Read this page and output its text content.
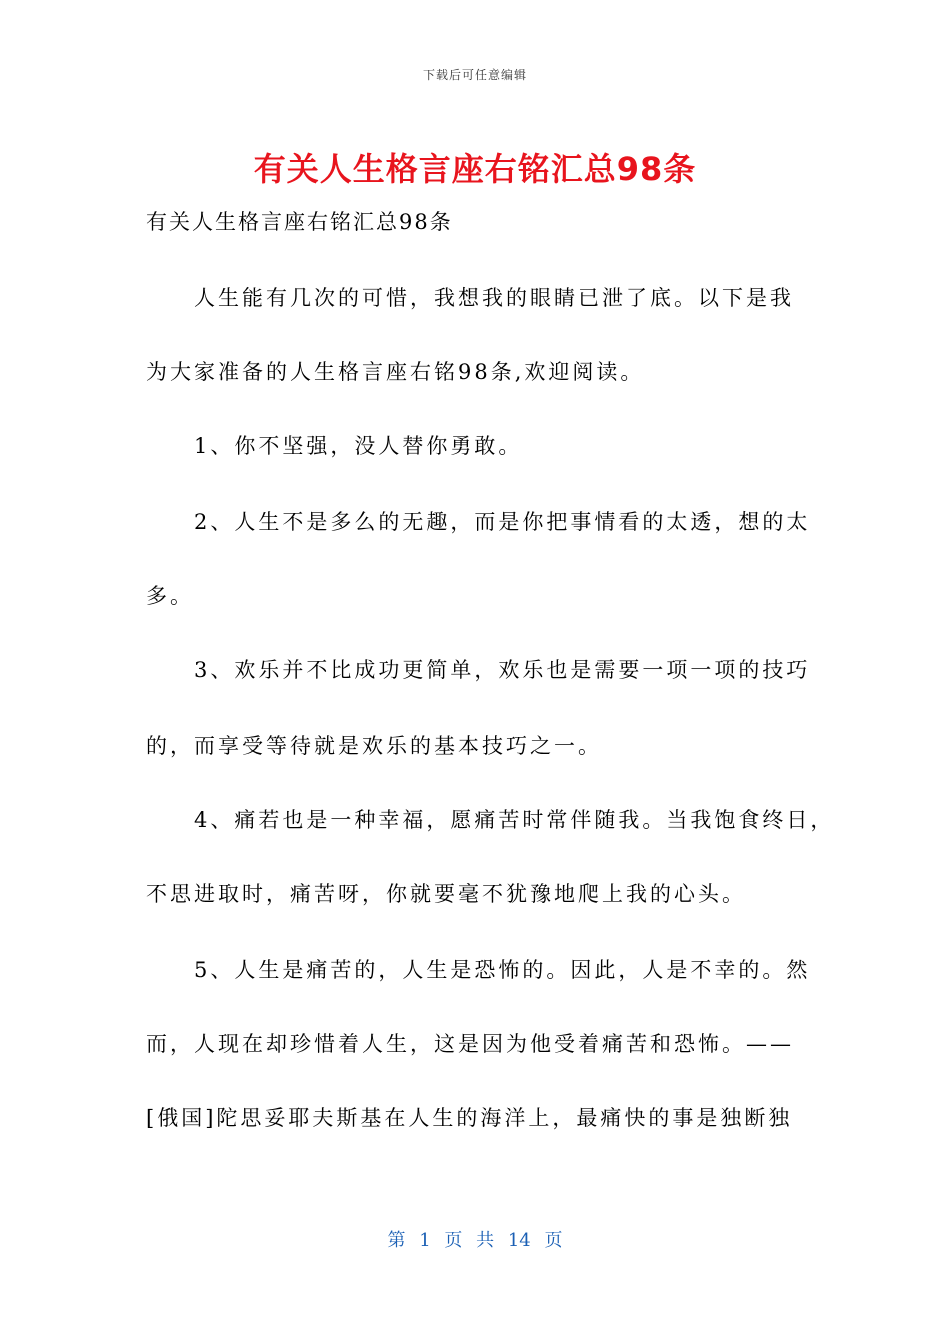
下载后可任意编辑
有关人生格言座右铭汇总98条
有关人生格言座右铭汇总98条
　　人生能有几次的可惜，我想我的眼睛已泄了底。以下是我
为大家准备的人生格言座右铭98条,欢迎阅读。
　　1、你不坚强，没人替你勇敢。
　　2、人生不是多么的无趣，而是你把事情看的太透，想的太
多。
　　3、欢乐并不比成功更简单，欢乐也是需要一项一项的技巧
的，而享受等待就是欢乐的基本技巧之一。
　　4、痛若也是一种幸福，愿痛苦时常伴随我。当我饱食终日，
不思进取时，痛苦呀，你就要毫不犹豫地爬上我的心头。
　　5、人生是痛苦的，人生是恐怖的。因此，人是不幸的。然
而，人现在却珍惜着人生，这是因为他受着痛苦和恐怖。——
[俄国]陀思妥耶夫斯基在人生的海洋上，最痛快的事是独断独
第 1 页 共 14 页
